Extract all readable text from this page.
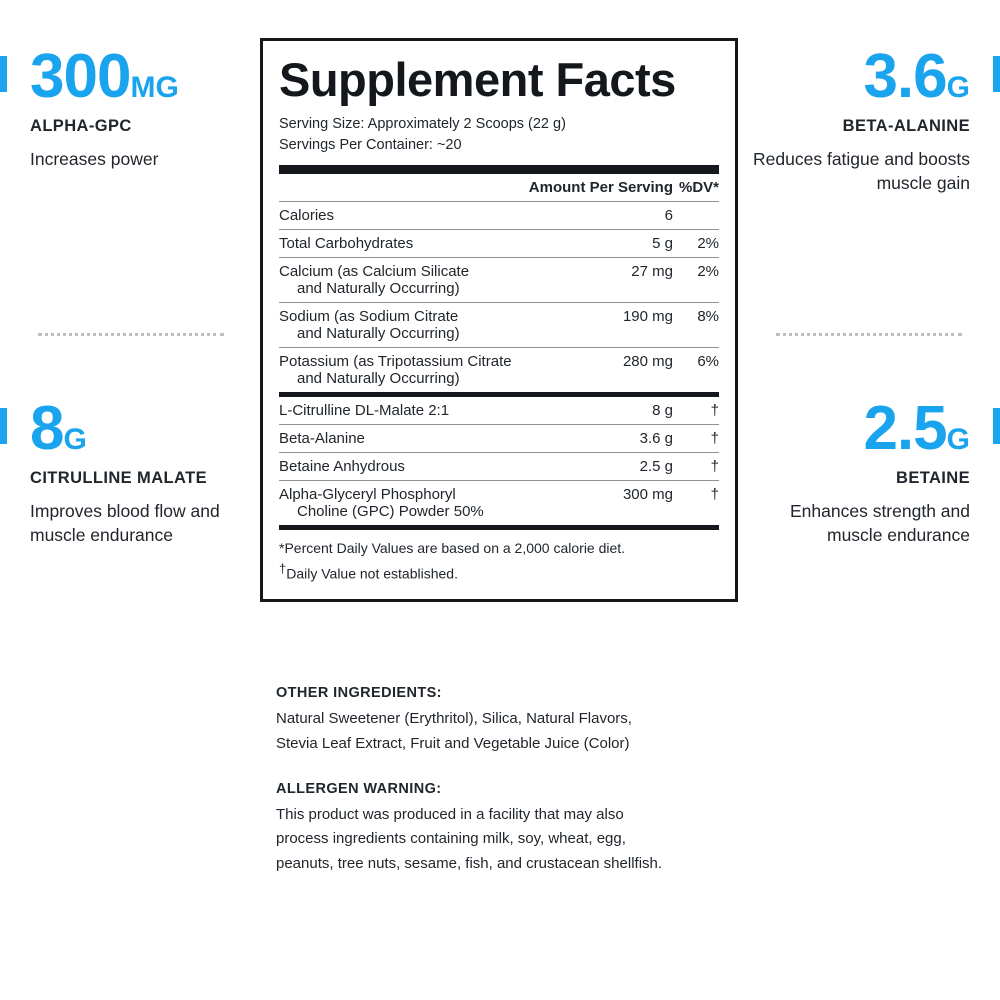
300MG
ALPHA-GPC
Increases power
3.6G
BETA-ALANINE
Reduces fatigue and boosts muscle gain
8G
CITRULLINE MALATE
Improves blood flow and muscle endurance
2.5G
BETAINE
Enhances strength and muscle endurance
Supplement Facts
Serving Size: Approximately 2 Scoops (22 g)
Servings Per Container: ~20
	Amount Per Serving	%DV*
Calories	6	
Total Carbohydrates	5 g	2%
Calcium (as Calcium Silicate
and Naturally Occurring)	27 mg	2%
Sodium (as Sodium Citrate
and Naturally Occurring)	190 mg	8%
Potassium (as Tripotassium Citrate
and Naturally Occurring)	280 mg	6%
L-Citrulline DL-Malate 2:1	8 g	†
Beta-Alanine	3.6 g	†
Betaine Anhydrous	2.5 g	†
Alpha-Glyceryl Phosphoryl
Choline (GPC) Powder 50%	300 mg	†
*Percent Daily Values are based on a 2,000 calorie diet.
†Daily Value not established.
OTHER INGREDIENTS:
Natural Sweetener (Erythritol), Silica, Natural Flavors,
Stevia Leaf Extract, Fruit and Vegetable Juice (Color)
ALLERGEN WARNING:
This product was produced in a facility that may also
process ingredients containing milk, soy, wheat, egg,
peanuts, tree nuts, sesame, fish, and crustacean shellfish.
